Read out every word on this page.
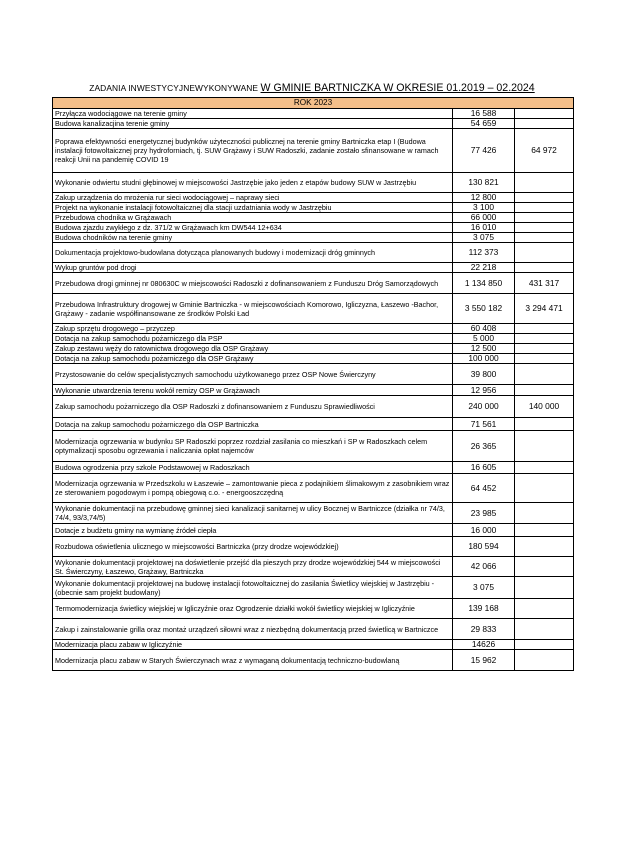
ZADANIA INWESTYCYJNEWYKONYWANE W GMINIE BARTNICZKA W OKRESIE 01.2019 – 02.2024
ROK 2023		
Przyłącza wodociągowe na terenie gminy	16 588	
Budowa kanalizacjina terenie gminy	54 659	
Poprawa efektywności energetycznej budynków użyteczności publicznej na terenie gminy Bartniczka etap I (Budowa instalacji fotowoltaicznej przy hydroforniach, tj. SUW Grążawy i SUW Radoszki, zadanie zostało sfinansowane w ramach reakcji Unii na pandemię COVID 19	77 426	64 972
Wykonanie odwiertu studni głębinowej w miejscowości Jastrzębie jako jeden z etapów budowy SUW w Jastrzębiu	130 821	
Zakup urządzenia do mrożenia rur sieci wodociągowej – naprawy sieci	12 800	
Projekt na wykonanie instalacji fotowoltaicznej dla stacji uzdatniania wody w Jastrzębiu	3 100	
Przebudowa chodnika w Grążawach	66 000	
Budowa zjazdu zwykłego z dz. 371/2 w Grążawach km DW544 12+634	16 010	
Budowa chodników na terenie gminy	3 075	
Dokumentacja projektowo-budowlana dotycząca planowanych budowy i modernizacji dróg gminnych	112 373	
Wykup gruntów pod drogi	22 218	
Przebudowa drogi gminnej nr 080630C w miejscowości Radoszki z dofinansowaniem z Funduszu Dróg Samorządowych	1 134 850	431 317
Przebudowa Infrastruktury drogowej w Gminie Bartniczka - w miejscowościach Komorowo, Igliczyzna, Łaszewo -Bachor, Grążawy - zadanie współfinansowane ze środków Polski Ład	3 550 182	3 294 471
Zakup sprzętu drogowego – przyczep	60 408	
Dotacja na zakup samochodu pożarniczego dla PSP	5 000	
Zakup zestawu węży do ratownictwa drogowego dla OSP Grążawy	12 500	
Dotacja na zakup samochodu pożarniczego dla OSP Grążawy	100 000	
Przystosowanie do celów specjalistycznych samochodu użytkowanego przez OSP Nowe Świerczyny	39 800	
Wykonanie utwardzenia terenu wokół remizy OSP w Grążawach	12 956	
Zakup samochodu pożarniczego dla OSP Radoszki z dofinansowaniem z Funduszu Sprawiedliwości	240 000	140 000
Dotacja na zakup samochodu pożarniczego dla OSP Bartniczka	71 561	
Modernizacja ogrzewania w budynku SP Radoszki poprzez rozdział zasilania co mieszkań i SP w Radoszkach celem optymalizacji sposobu ogrzewania i naliczania opłat najemców	26 365	
Budowa ogrodzenia przy szkole Podstawowej w Radoszkach	16 605	
Modernizacja ogrzewania w Przedszkolu w Łaszewie – zamontowanie pieca z podajnikiem ślimakowym z zasobnikiem wraz ze sterowaniem pogodowym i pompą obiegową c.o. - energooszczędną	64 452	
Wykonanie dokumentacji na przebudowę gminnej sieci kanalizacji sanitarnej w ulicy Bocznej w Bartniczce (działka nr 74/3, 74/4, 93/3,74/5)	23 985	
Dotacje z budżetu gminy na wymianę źródeł ciepła	16 000	
Rozbudowa oświetlenia ulicznego w miejscowości Bartniczka (przy drodze wojewódzkiej)	180 594	
Wykonanie dokumentacji projektowej na doświetlenie przejść dla pieszych przy drodze wojewódzkiej 544 w miejscowości St. Świerczyny, Łaszewo, Grążawy, Bartniczka	42 066	
Wykonanie dokumentacji projektowej na budowę instalacji fotowoltaicznej do zasilania Świetlicy wiejskiej w Jastrzębiu - (obecnie sam projekt budowlany)	3 075	
Termomodernizacja świetlicy wiejskiej w Igliczyźnie oraz Ogrodzenie działki wokół świetlicy wiejskiej w Igliczyźnie	139 168	
Zakup i zainstalowanie grilla oraz montaż urządzeń siłowni wraz z niezbędną dokumentacją przed świetlicą w Bartniczce	29 833	
Modernizacja placu zabaw w Igliczyźnie	14626	
Modernizacja placu zabaw w Starych Świerczynach wraz z wymaganą dokumentacją techniczno-budowlaną	15 962	
